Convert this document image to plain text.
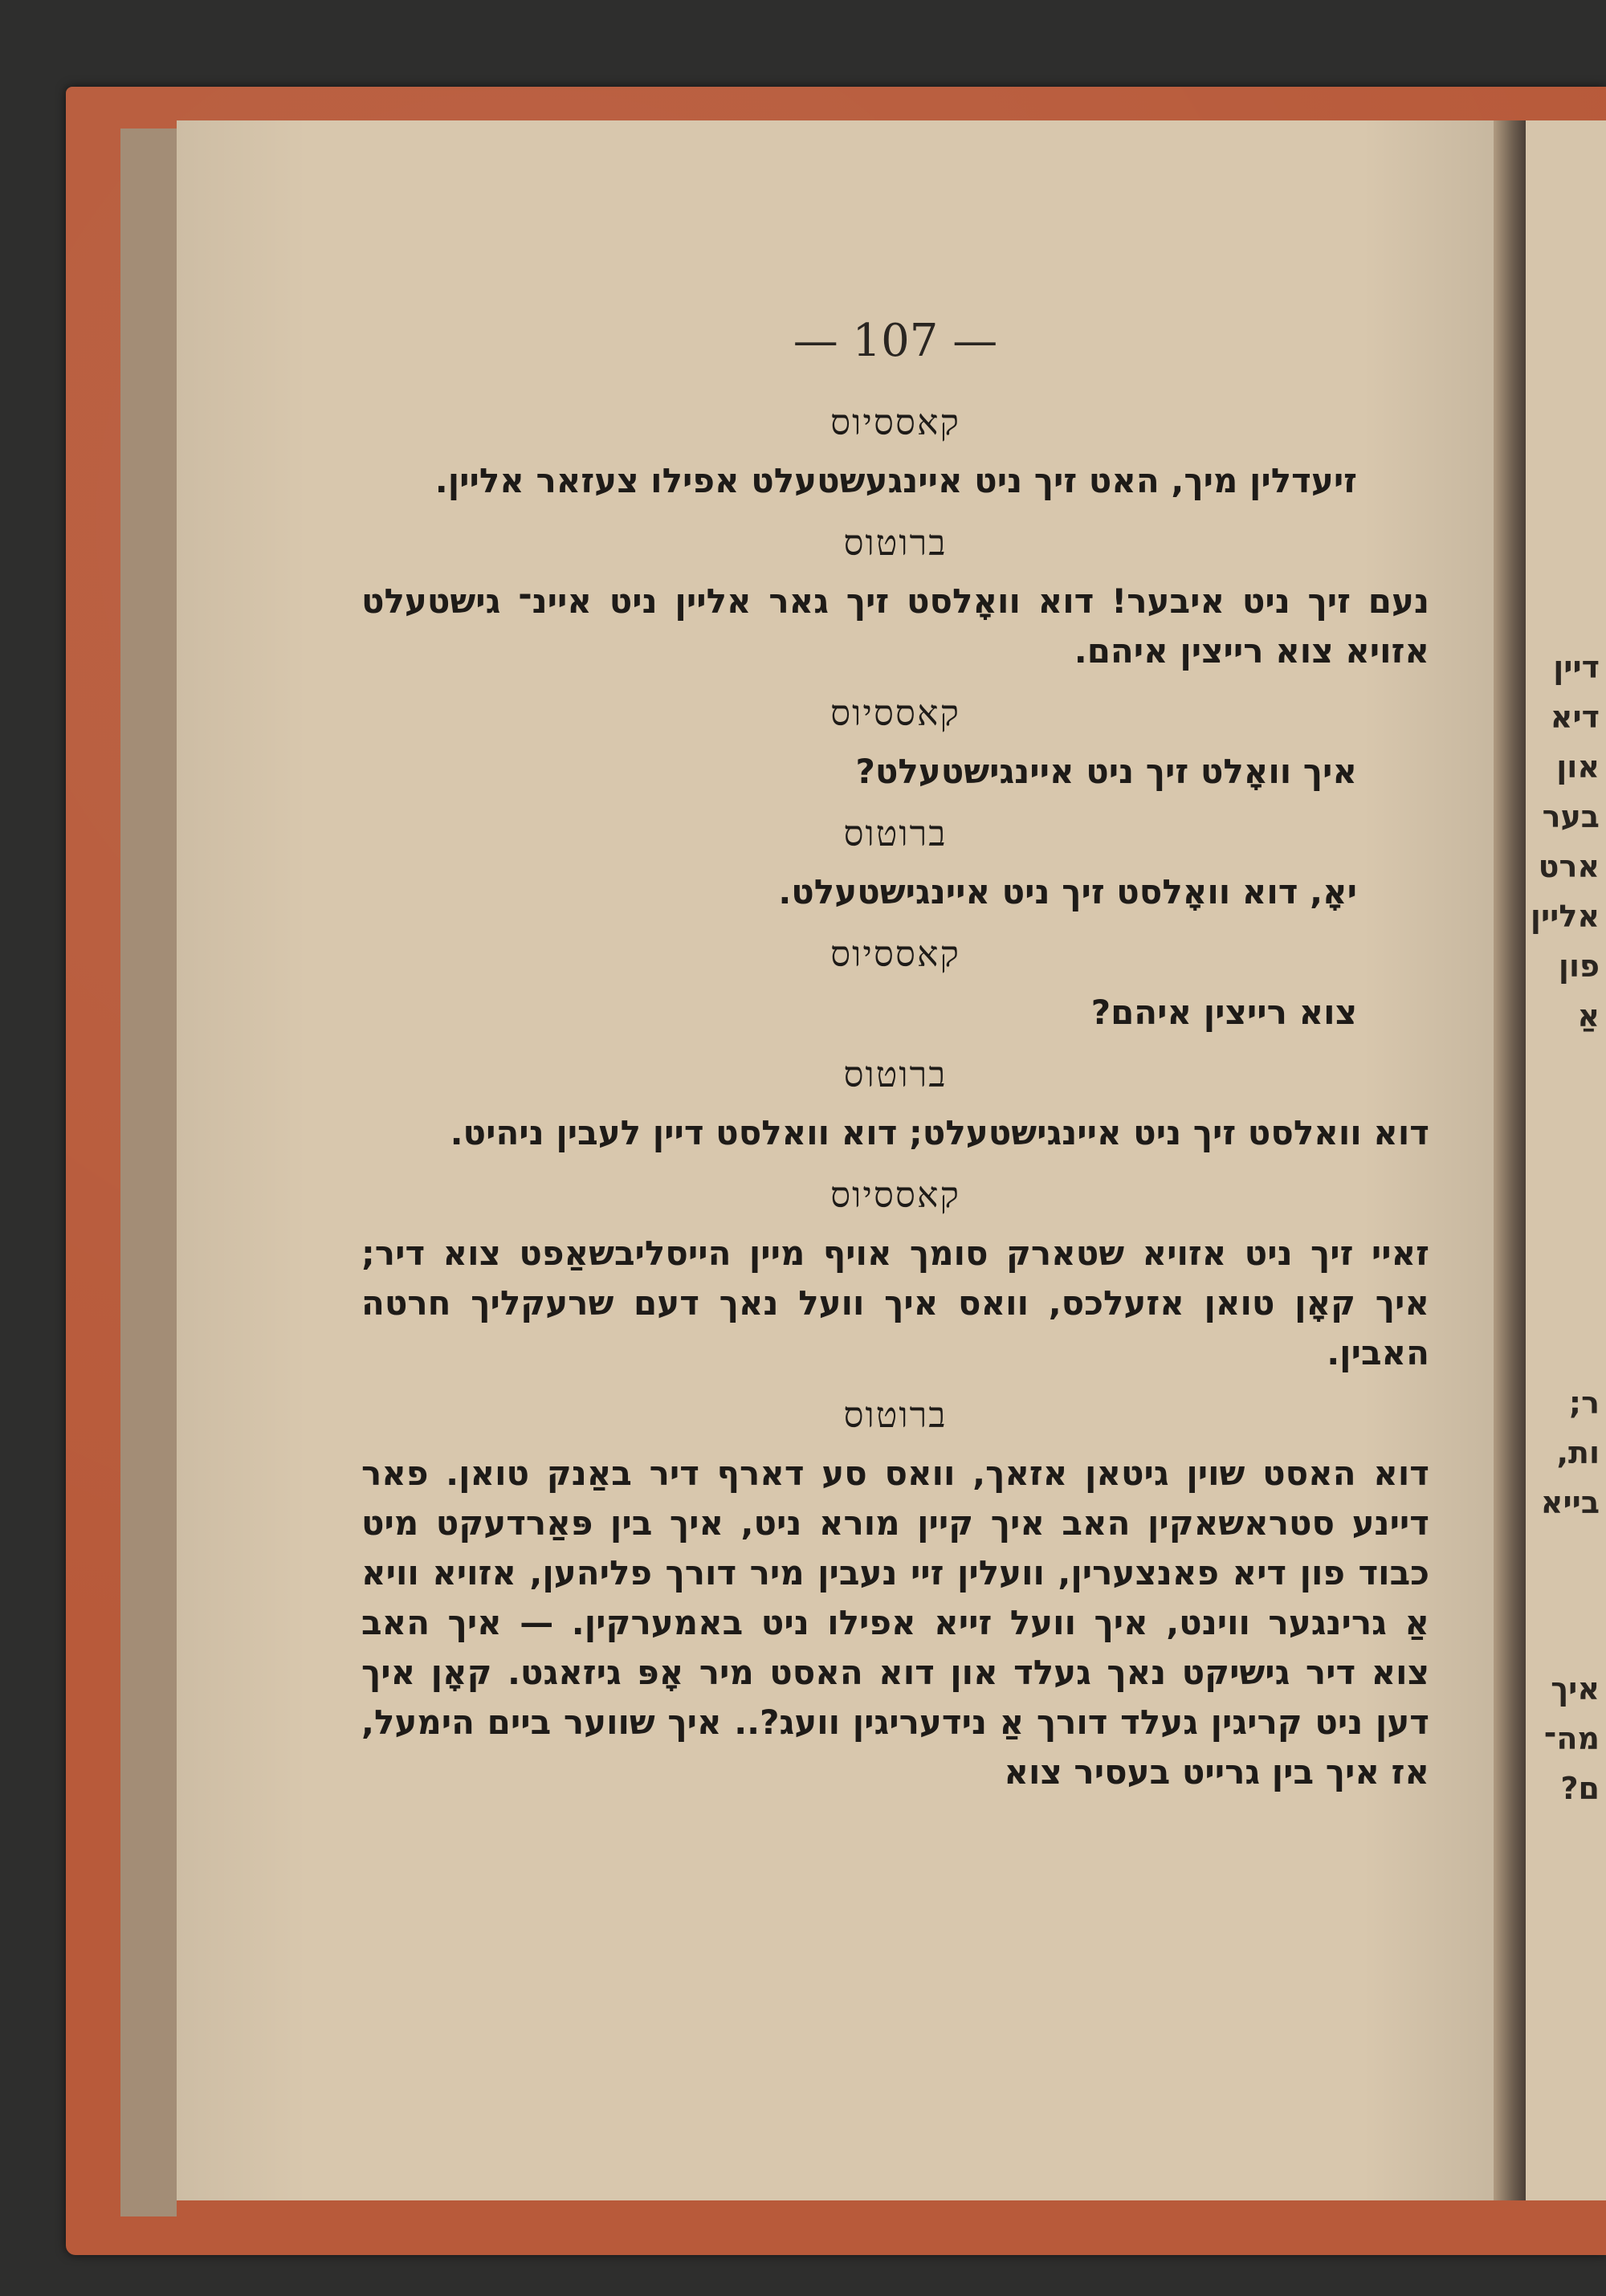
דיין
דיא
און
בער
ארט
אליין
פון
אַ
ר;
ות,
בייא
איך
מה־
ם?
— 107 —
קאססיוס
זיעדלין מיך, האט זיך ניט איינגעשטעלט אפילו צעזאר אליין.
ברוטוס
נעם זיך ניט איבער! דוא וואָלסט זיך גאר אליין ניט איינ־ גישטעלט אזויא צוא רייצין איהם.
קאססיוס
איך וואָלט זיך ניט איינגישטעלט?
ברוטוס
יאָ, דוא וואָלסט זיך ניט איינגישטעלט.
קאססיוס
צוא רייצין איהם?
ברוטוס
דוא וואלסט זיך ניט איינגישטעלט; דוא וואלסט דיין לעבין ניהיט.
קאססיוס
זאיי זיך ניט אזויא שטארק סומך אויף מיין הייסליבשאַפט צוא דיר; איך קאָן טואן אזעלכס, וואס איך וועל נאך דעם שרעקליך חרטה האבין.
ברוטוס
דוא האסט שוין גיטאן אזאך, וואס סע דארף דיר באַנק טואן. פאר דיינע סטראשאקין האב איך קיין מורא ניט, איך בין פּאַרדעקט מיט כבוד פון דיא פאנצערין, וועלין זיי נעבין מיר דורך פליהען, אזויא וויא אַ גרינגער ווינט, איך וועל זייא אפילו ניט באמערקין. — איך האב צוא דיר גישיקט נאך געלד און דוא האסט מיר אָפּ גיזאגט. קאָן איך דען ניט קריגין געלד דורך אַ נידעריגין וועג?.. איך שווער ביים הימעל, אז איך בין גרייט בעסיר צוא
